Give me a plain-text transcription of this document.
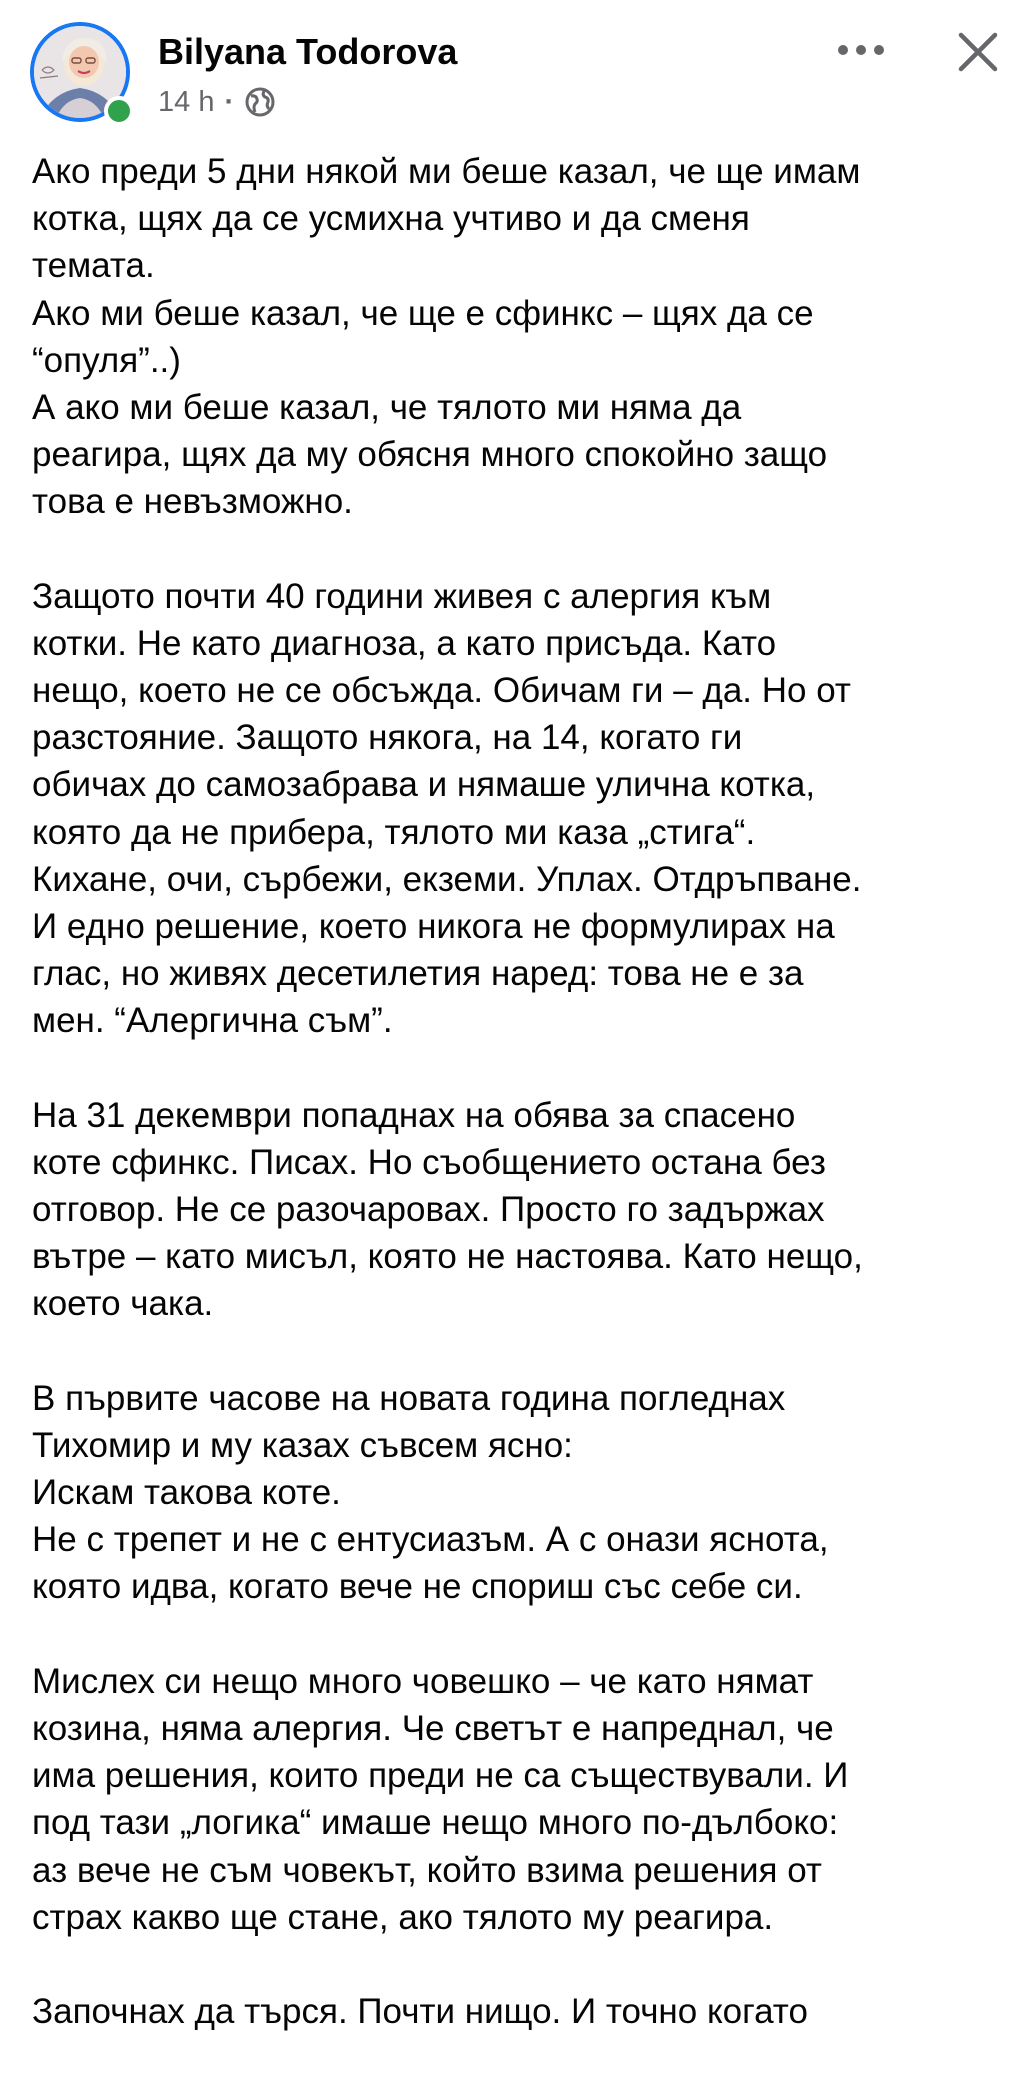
Bilyana Todorova
14 h ·
Ако преди 5 дни някой ми беше казал, че ще имам
котка, щях да се усмихна учтиво и да сменя
темата.
Ако ми беше казал, че ще е сфинкс – щях да се
“опуля”..)
А ако ми беше казал, че тялото ми няма да
реагира, щях да му обясня много спокойно защо
това е невъзможно.
Защото почти 40 години живея с алергия към
котки. Не като диагноза, а като присъда. Като
нещо, което не се обсъжда. Обичам ги – да. Но от
разстояние. Защото някога, на 14, когато ги
обичах до самозабрава и нямаше улична котка,
която да не прибера, тялото ми каза „стига“.
Кихане, очи, сърбежи, екземи. Уплах. Отдръпване.
И едно решение, което никога не формулирах на
глас, но живях десетилетия наред: това не е за
мен. “Алергична съм”.
На 31 декември попаднах на обява за спасено
коте сфинкс. Писах. Но съобщението остана без
отговор. Не се разочаровах. Просто го задържах
вътре – като мисъл, която не настоява. Като нещо,
което чака.
В първите часове на новата година погледнах
Тихомир и му казах съвсем ясно:
Искам такова коте.
Не с трепет и не с ентусиазъм. А с онази яснота,
която идва, когато вече не спориш със себе си.
Мислех си нещо много човешко – че като нямат
козина, няма алергия. Че светът е напреднал, че
има решения, които преди не са съществували. И
под тази „логика“ имаше нещо много по-дълбоко:
аз вече не съм човекът, който взима решения от
страх какво ще стане, ако тялото му реагира.
Започнах да търся. Почти нищо. И точно когато
